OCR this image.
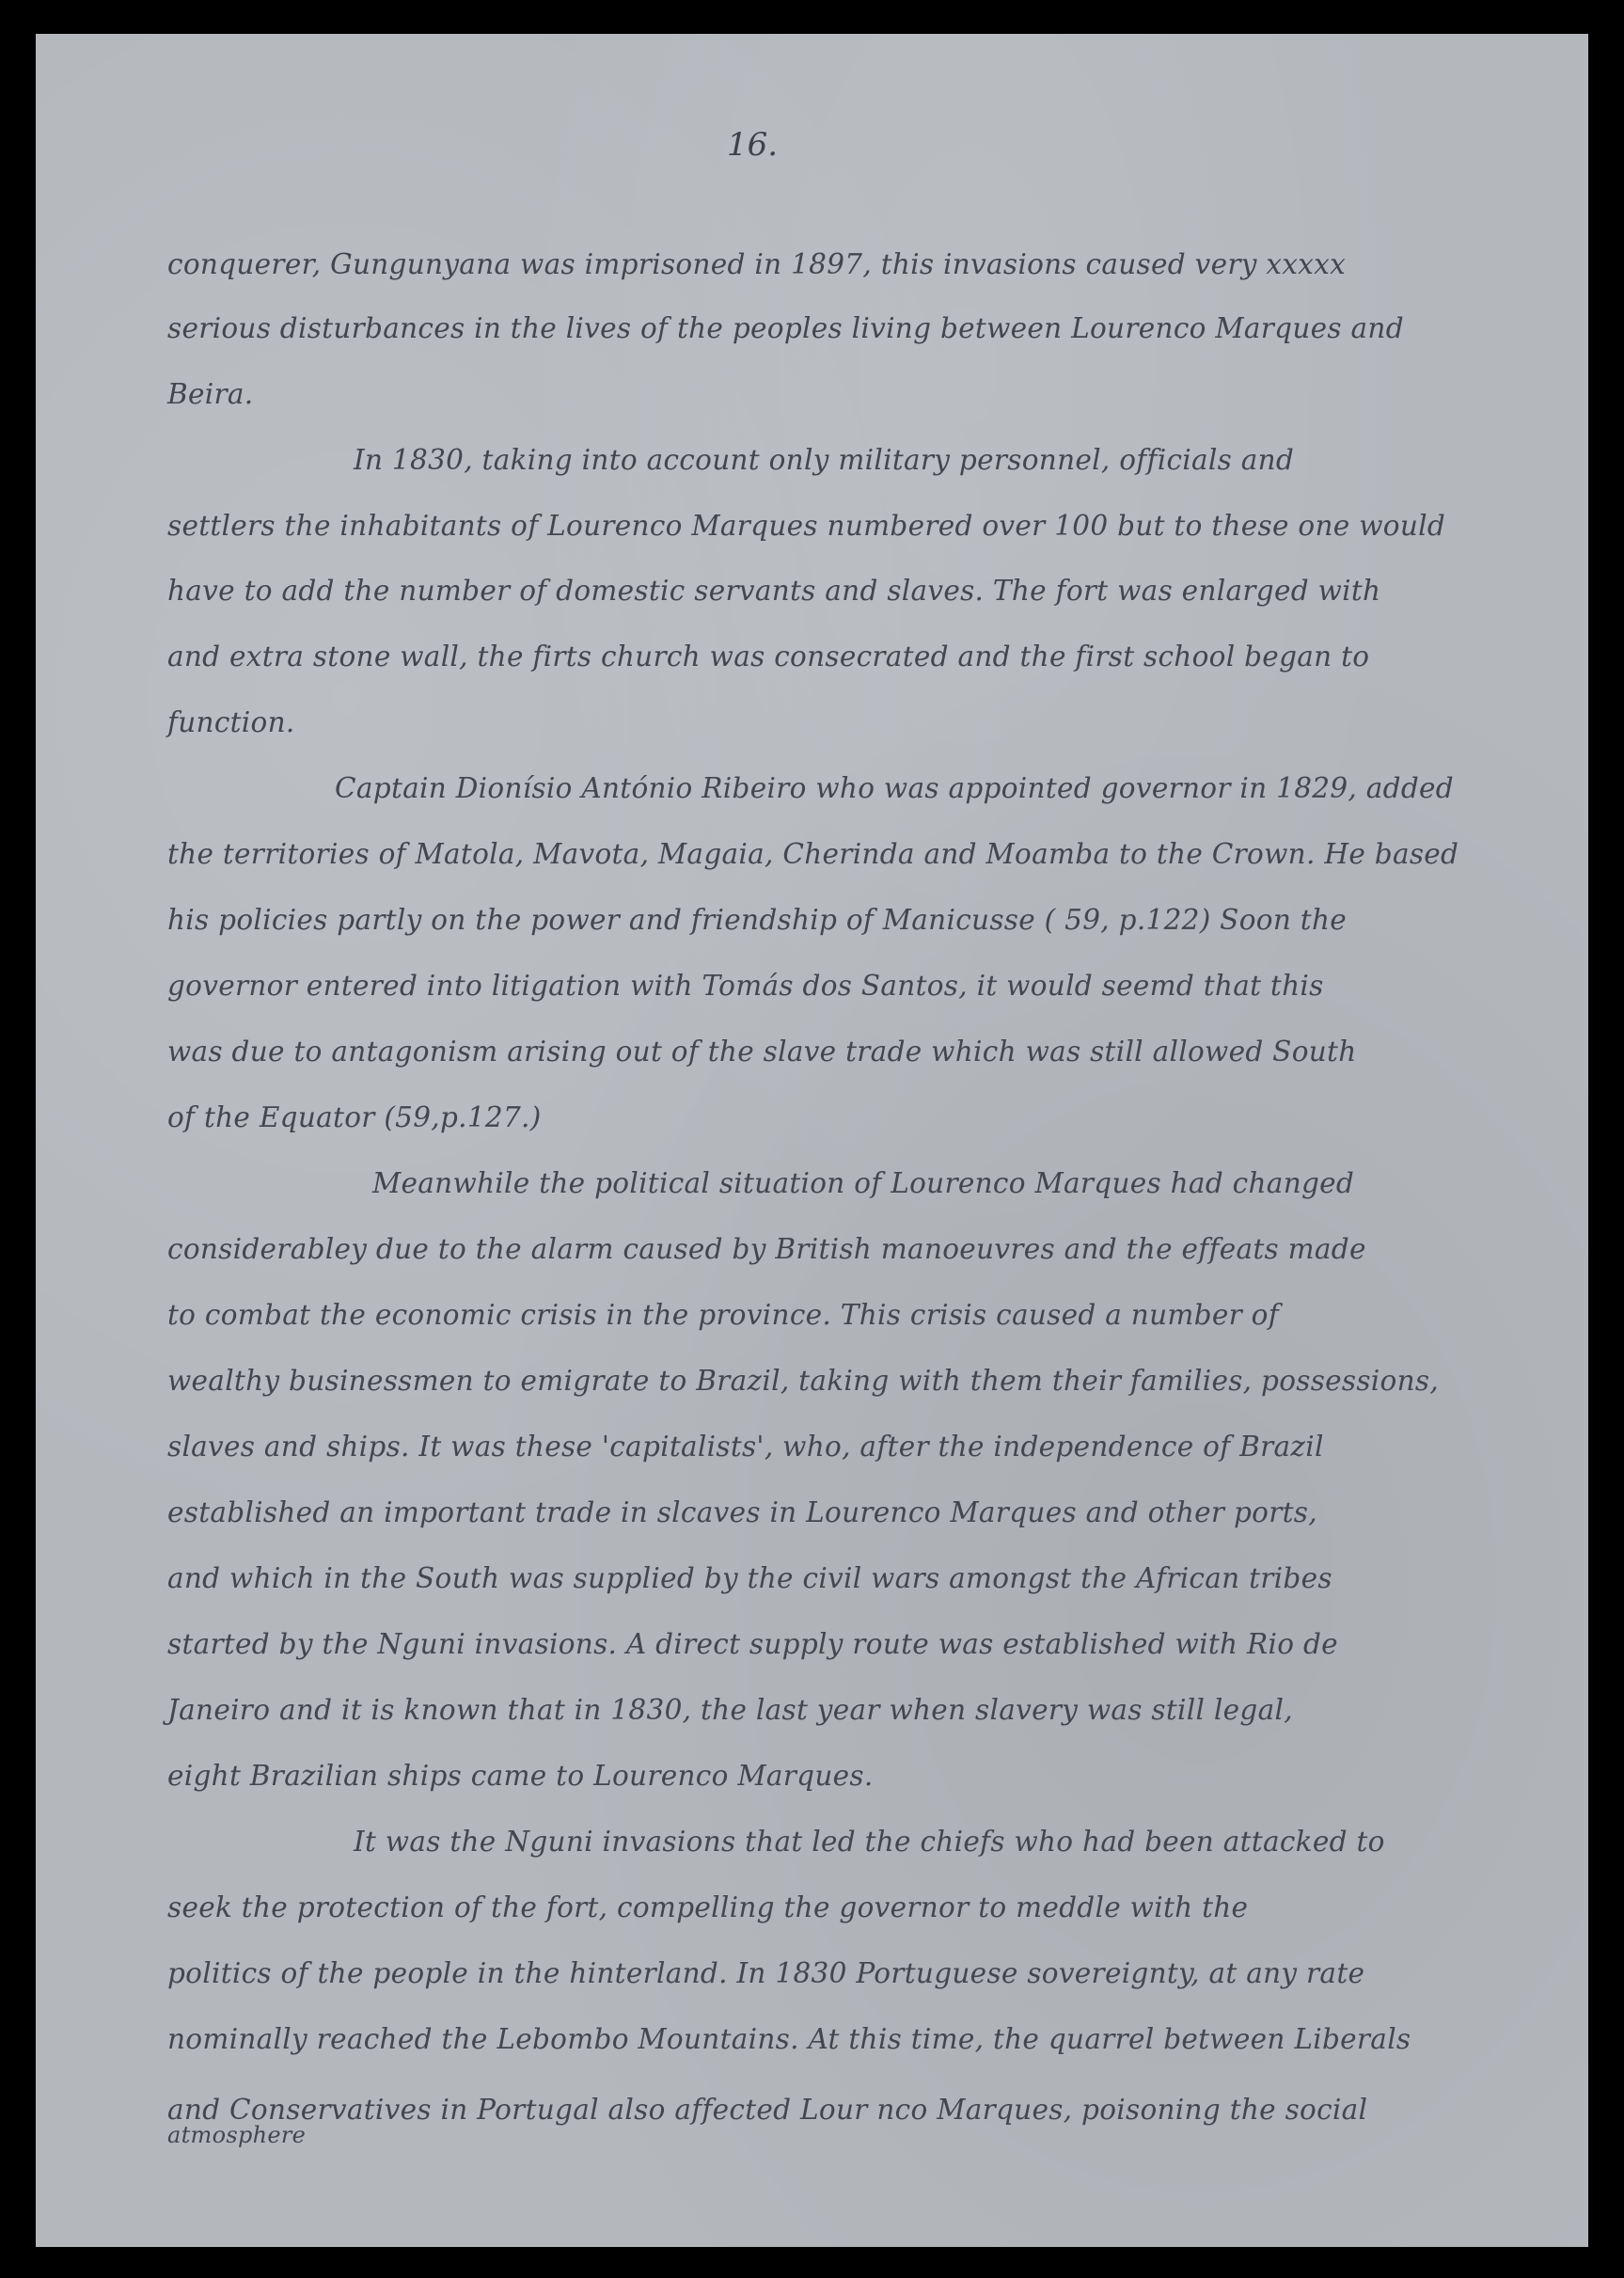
16.
conquerer, Gungunyana was imprisoned in 1897, this invasions caused very xxxxx
serious disturbances in the lives of the peoples living between Lourenco Marques and
Beira.
In 1830, taking into account only military personnel, officials and
settlers the inhabitants of Lourenco Marques numbered over 100 but to these one would
have to add the number of domestic servants and slaves. The fort was enlarged with
and extra stone wall, the firts church was consecrated and the first school began to
function.
Captain Dionísio António Ribeiro who was appointed governor in 1829, added
the territories of Matola, Mavota, Magaia, Cherinda and Moamba to the Crown. He based
his policies partly on the power and friendship of Manicusse ( 59, p.122) Soon the
governor entered into litigation with Tomás dos Santos, it would seemd that this
was due to antagonism arising out of the slave trade which was still allowed South
of the Equator (59,p.127.)
Meanwhile the political situation of Lourenco Marques had changed
considerabley due to the alarm caused by British manoeuvres and the effeats made
to combat the economic crisis in the province. This crisis caused a number of
wealthy businessmen to emigrate to Brazil, taking with them their families, possessions,
slaves and ships. It was these 'capitalists', who, after the independence of Brazil
established an important trade in slcaves in Lourenco Marques and other ports,
and which in the South was supplied by the civil wars amongst the African tribes
started by the Nguni invasions. A direct supply route was established with Rio de
Janeiro and it is known that in 1830, the last year when slavery was still legal,
eight Brazilian ships came to Lourenco Marques.
It was the Nguni invasions that led the chiefs who had been attacked to
seek the protection of the fort, compelling the governor to meddle with the
politics of the people in the hinterland. In 1830 Portuguese sovereignty, at any rate
nominally reached the Lebombo Mountains. At this time, the quarrel between Liberals
and Conservatives in Portugal also affected Lour nco Marques, poisoning the social
atmosphere
